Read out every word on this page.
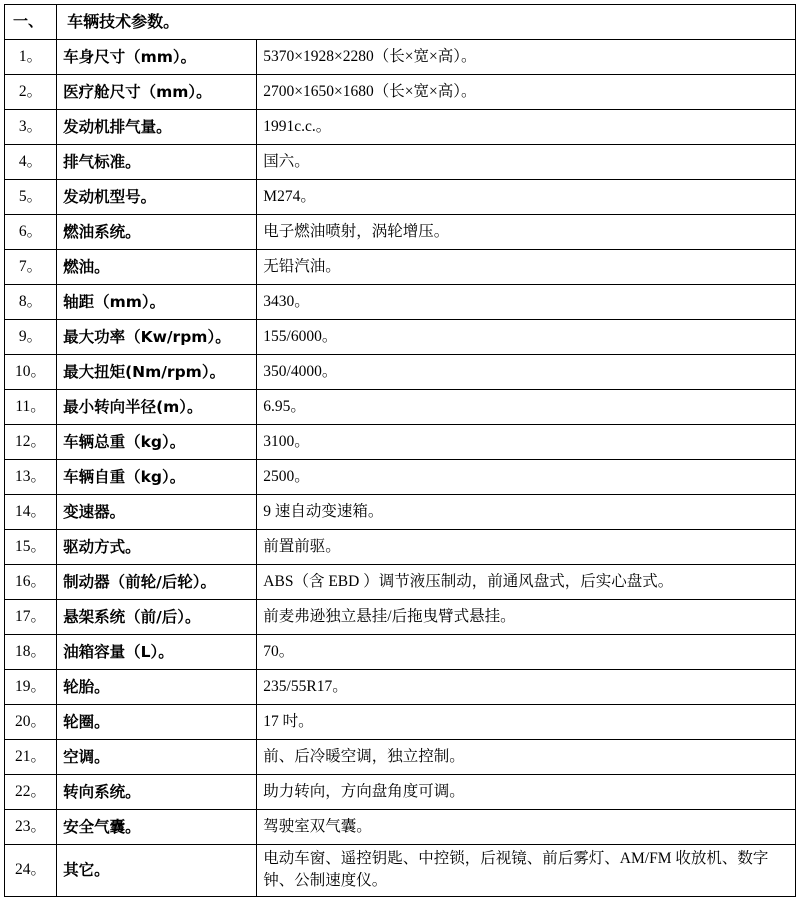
一、	车辆技术参数。	
1。	车身尺寸（mm）。	5370×1928×2280（长×宽×高）。
2。	医疗舱尺寸（mm）。	2700×1650×1680（长×宽×高）。
3。	发动机排气量。	1991c.c.。
4。	排气标准。	国六。
5。	发动机型号。	M274。
6。	燃油系统。	电子燃油喷射，涡轮增压。
7。	燃油。	无铅汽油。
8。	轴距（mm）。	3430。
9。	最大功率（Kw/rpm）。	155/6000。
10。	最大扭矩(Nm/rpm）。	350/4000。
11。	最小转向半径(m）。	6.95。
12。	车辆总重（kg）。	3100。
13。	车辆自重（kg）。	2500。
14。	变速器。	9 速自动变速箱。
15。	驱动方式。	前置前驱。
16。	制动器（前轮/后轮）。	ABS（含 EBD ）调节液压制动，前通风盘式，后实心盘式。
17。	悬架系统（前/后）。	前麦弗逊独立悬挂/后拖曳臂式悬挂。
18。	油箱容量（L）。	70。
19。	轮胎。	235/55R17。
20。	轮圈。	17 吋。
21。	空调。	前、后冷暖空调，独立控制。
22。	转向系统。	助力转向，方向盘角度可调。
23。	安全气囊。	驾驶室双气囊。
24。	其它。	电动车窗、遥控钥匙、中控锁，后视镜、前后雾灯、AM/FM 收放机、数字钟、公制速度仪。
